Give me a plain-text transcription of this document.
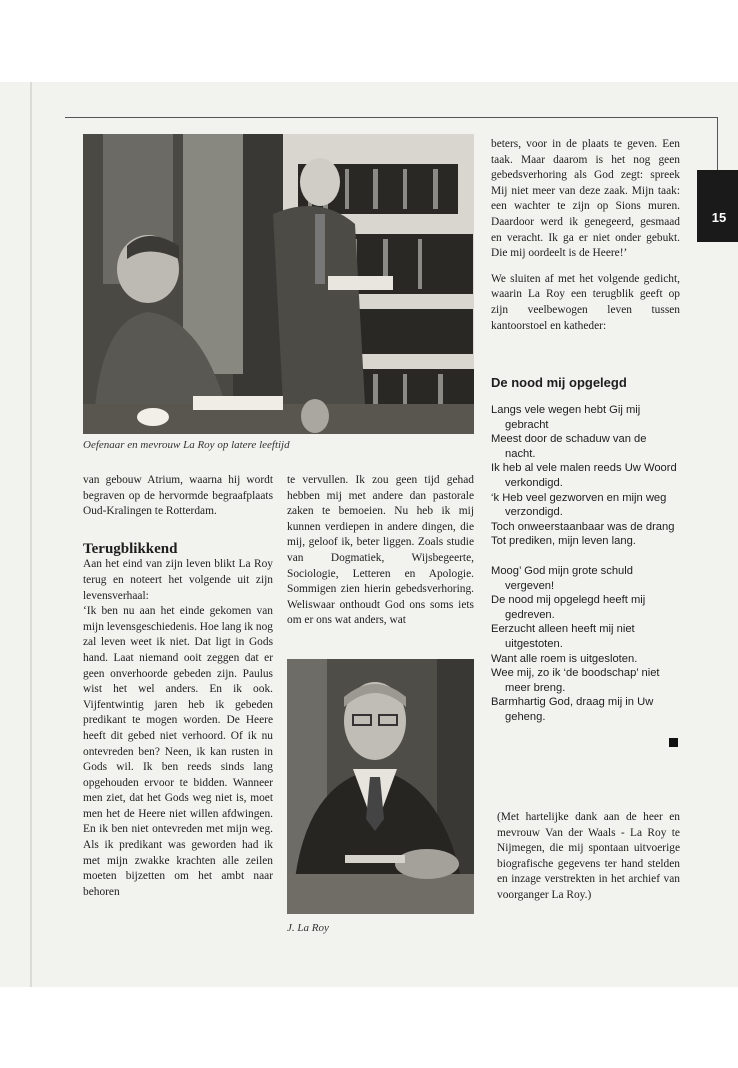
15
Oefenaar en mevrouw La Roy op latere leeftijd

van gebouw Atrium, waarna hij wordt begraven op de hervormde begraafplaats Oud-Kralingen te Rotterdam.

Terugblikkend

Aan het eind van zijn leven blikt La Roy terug en noteert het volgende uit zijn levensverhaal:

‘Ik ben nu aan het einde gekomen van mijn levensgeschiedenis. Hoe lang ik nog zal leven weet ik niet. Dat ligt in Gods hand. Laat niemand ooit zeggen dat er geen onverhoorde gebeden zijn. Paulus wist het wel anders. En ik ook. Vijfentwintig jaren heb ik gebeden predikant te mogen worden. De Heere heeft dit gebed niet verhoord. Of ik nu ontevreden ben? Neen, ik kan rusten in Gods wil. Ik ben reeds sinds lang opgehouden ervoor te bidden. Wanneer men ziet, dat het Gods weg niet is, moet men het de Heere niet willen afdwingen. En ik ben niet ontevreden met mijn weg. Als ik predikant was geworden had ik met mijn zwakke krachten alle zeilen moeten bijzetten om het ambt naar behoren

te vervullen. Ik zou geen tijd gehad hebben mij met andere dan pastorale zaken te bemoeien. Nu heb ik mij kunnen verdiepen in andere dingen, die mij, geloof ik, beter liggen. Zoals studie van Dogmatiek, Wijsbegeerte, Sociologie, Letteren en Apologie. Sommigen zien hierin gebedsverhoring. Weliswaar onthoudt God ons soms iets om er ons wat anders, wat

J. La Roy

beters, voor in de plaats te geven. Een taak. Maar daarom is het nog geen gebedsverhoring als God zegt: spreek Mij niet meer van deze zaak. Mijn taak: een wachter te zijn op Sions muren. Daardoor werd ik genegeerd, gesmaad en veracht. Ik ga er niet onder gebukt. Die mij oordeelt is de Heere!’

We sluiten af met het volgende gedicht, waarin La Roy een terugblik geeft op zijn veelbewogen leven tussen kantoorstoel en katheder:

De nood mij opgelegd

Langs vele wegen hebt Gij mij gebracht

Meest door de schaduw van de nacht.

Ik heb al vele malen reeds Uw Woord verkondigd.

‘k Heb veel gezworven en mijn weg verzondigd.

Toch onweerstaanbaar was de drang

Tot prediken, mijn leven lang.

Moog’ God mijn grote schuld vergeven!

De nood mij opgelegd heeft mij gedreven.

Eerzucht alleen heeft mij niet uitgestoten.

Want alle roem is uitgesloten.

Wee mij, zo ik ‘de boodschap’ niet meer breng.

Barmhartig God, draag mij in Uw geheng.

(Met hartelijke dank aan de heer en mevrouw Van der Waals - La Roy te Nijmegen, die mij spontaan uitvoerige biografische gegevens ter hand stelden en inzage verstrekten in het archief van voorganger La Roy.)
